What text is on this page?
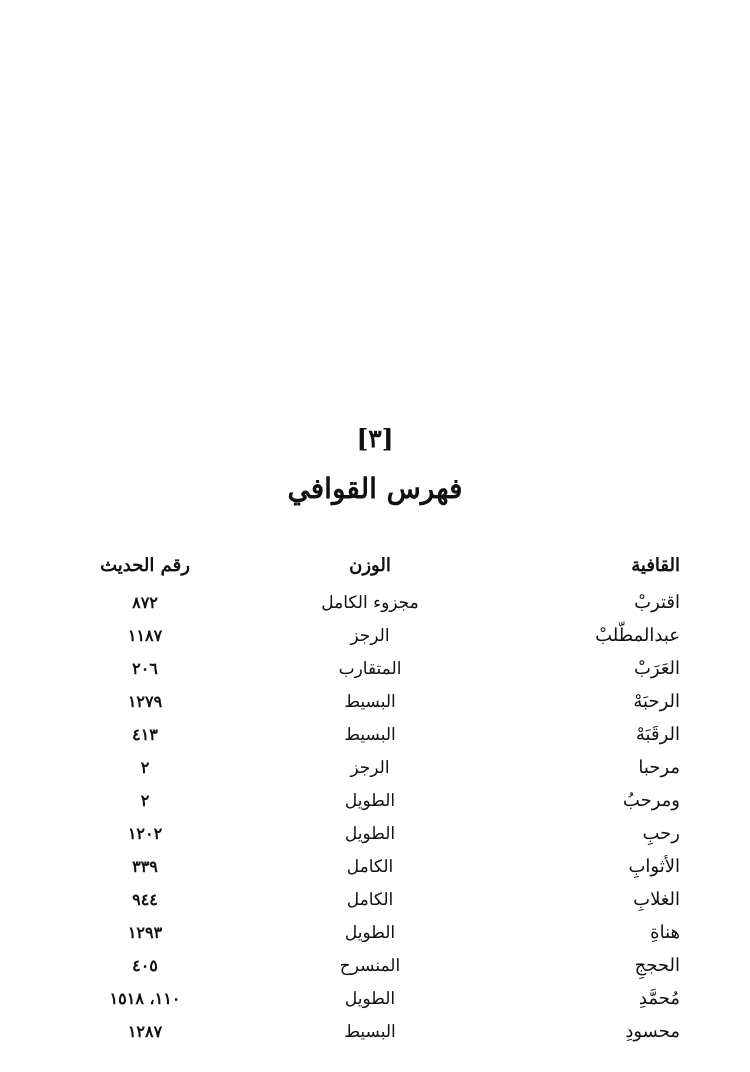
[٣]
فهرس القوافي
القافية
الوزن
رقم الحديث
اقتربْ
مجزوء الكامل
٨٧٢
عبدالمطّلبْ
الرجز
١١٨٧
العَرَبْ
المتقارب
٢٠٦
الرحبَهْ
البسيط
١٢٧٩
الرقَبَهْ
البسيط
٤١٣
مرحبا
الرجز
٢
ومرحبُ
الطويل
٢
رحبِ
الطويل
١٢٠٢
الأثوابِ
الكامل
٣٣٩
الغلابِ
الكامل
٩٤٤
هناةِ
الطويل
١٢٩٣
الحججِ
المنسرح
٤٠٥
مُحمَّدِ
الطويل
١١٠، ١٥١٨
محسودِ
البسيط
١٢٨٧
